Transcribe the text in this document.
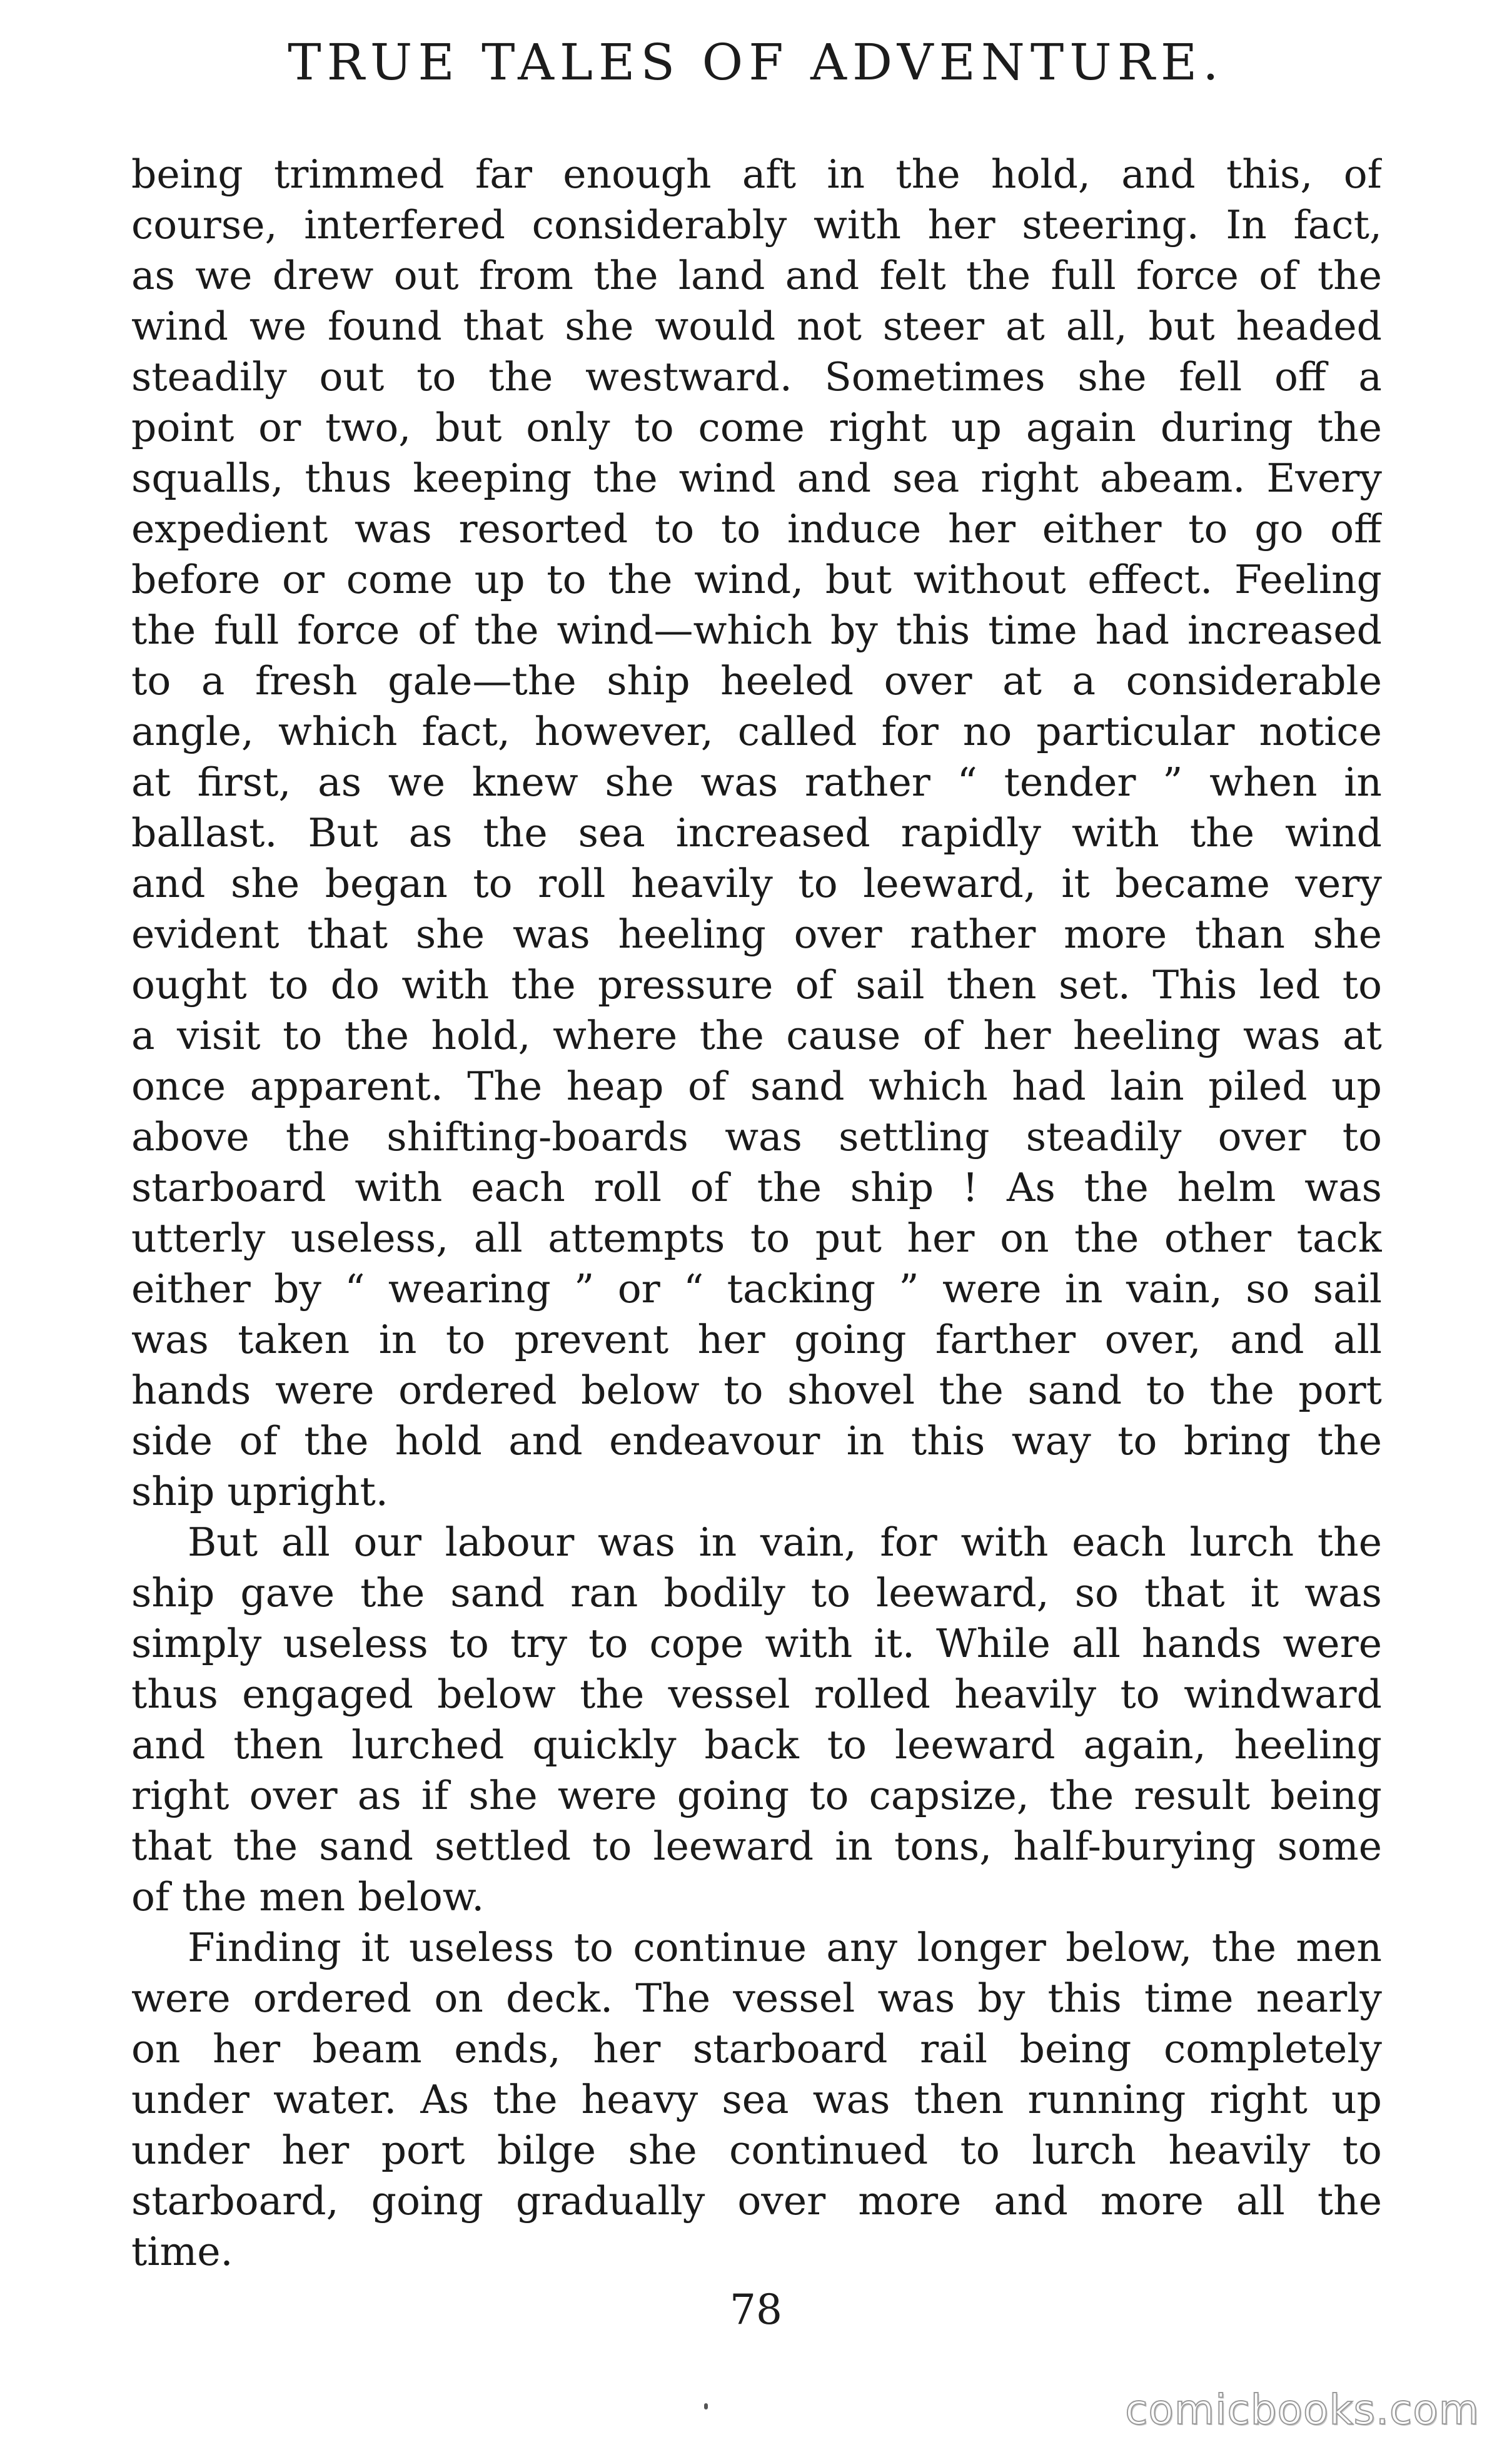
TRUE TALES OF ADVENTURE.
being trimmed far enough aft in the hold, and this, of
course, interfered considerably with her steering. In fact,
as we drew out from the land and felt the full force of the
wind we found that she would not steer at all, but headed
steadily out to the westward. Sometimes she fell off a
point or two, but only to come right up again during the
squalls, thus keeping the wind and sea right abeam. Every
expedient was resorted to to induce her either to go off
before or come up to the wind, but without effect. Feeling
the full force of the wind—which by this time had increased
to a fresh gale—the ship heeled over at a considerable
angle, which fact, however, called for no particular notice
at first, as we knew she was rather “ tender ” when in
ballast. But as the sea increased rapidly with the wind
and she began to roll heavily to leeward, it became very
evident that she was heeling over rather more than she
ought to do with the pressure of sail then set. This led to
a visit to the hold, where the cause of her heeling was at
once apparent. The heap of sand which had lain piled up
above the shifting-boards was settling steadily over to
starboard with each roll of the ship ! As the helm was
utterly useless, all attempts to put her on the other tack
either by “ wearing ” or “ tacking ” were in vain, so sail
was taken in to prevent her going farther over, and all
hands were ordered below to shovel the sand to the port
side of the hold and endeavour in this way to bring the
ship upright.
But all our labour was in vain, for with each lurch the
ship gave the sand ran bodily to leeward, so that it was
simply useless to try to cope with it. While all hands were
thus engaged below the vessel rolled heavily to windward
and then lurched quickly back to leeward again, heeling
right over as if she were going to capsize, the result being
that the sand settled to leeward in tons, half-burying some
of the men below.
Finding it useless to continue any longer below, the men
were ordered on deck. The vessel was by this time nearly
on her beam ends, her starboard rail being completely
under water. As the heavy sea was then running right up
under her port bilge she continued to lurch heavily to
starboard, going gradually over more and more all the
time.
78
comicbooks.com
